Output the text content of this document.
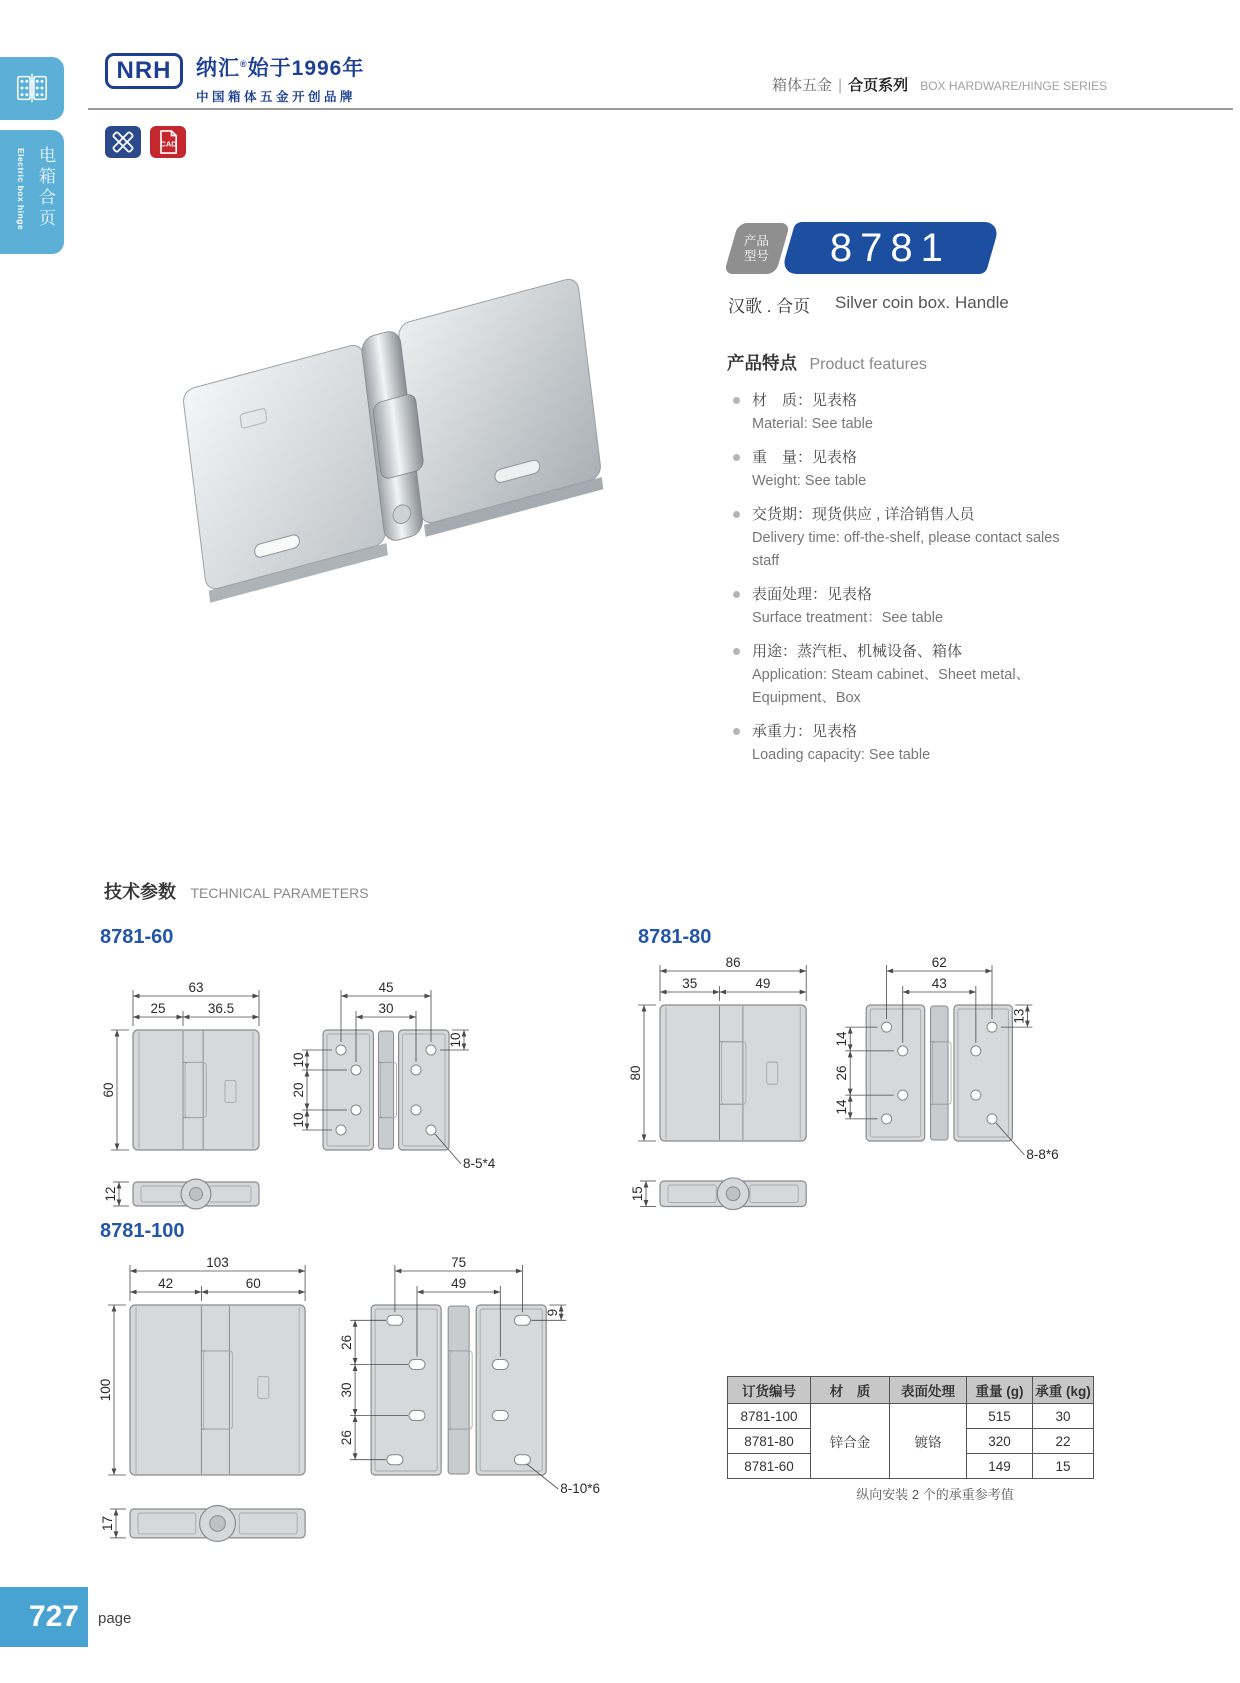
Electric box hinge 电箱合页
NRH 纳汇®始于1996年
中国箱体五金开创品牌
箱体五金 | 合页系列 BOX HARDWARE/HINGE SERIES
CAD
产品
型号 8781
汉歌 . 合页 Silver coin box. Handle
产品特点 Product features
材　质：见表格
Material: See table
重　量：见表格
Weight: See table
交货期：现货供应 , 详洽销售人员
Delivery time: off-the-shelf, please contact sales staff
表面处理：见表格
Surface treatment：See table
用途：蒸汽柜、机械设备、箱体
Application: Steam cabinet、Sheet metal、Equipment、Box
承重力：见表格
Loading capacity: See table
技术参数 TECHNICAL PARAMETERS
8781-60
63
25	36.5
60
12
45
30
10
20
10
10
8-5*4
8781-80
86
35	49
80
15
62
43
14
26
14
13
8-8*6
8781-100
103
42	60
100
17
75
49
26
30
26
9
8-10*6
订货编号	材　质	表面处理	重量 (g)	承重 (kg)
8781-100	锌合金	镀铬	515	30
8781-80			320	22
8781-60			149	15
纵向安装 2 个的承重参考值
727 page
